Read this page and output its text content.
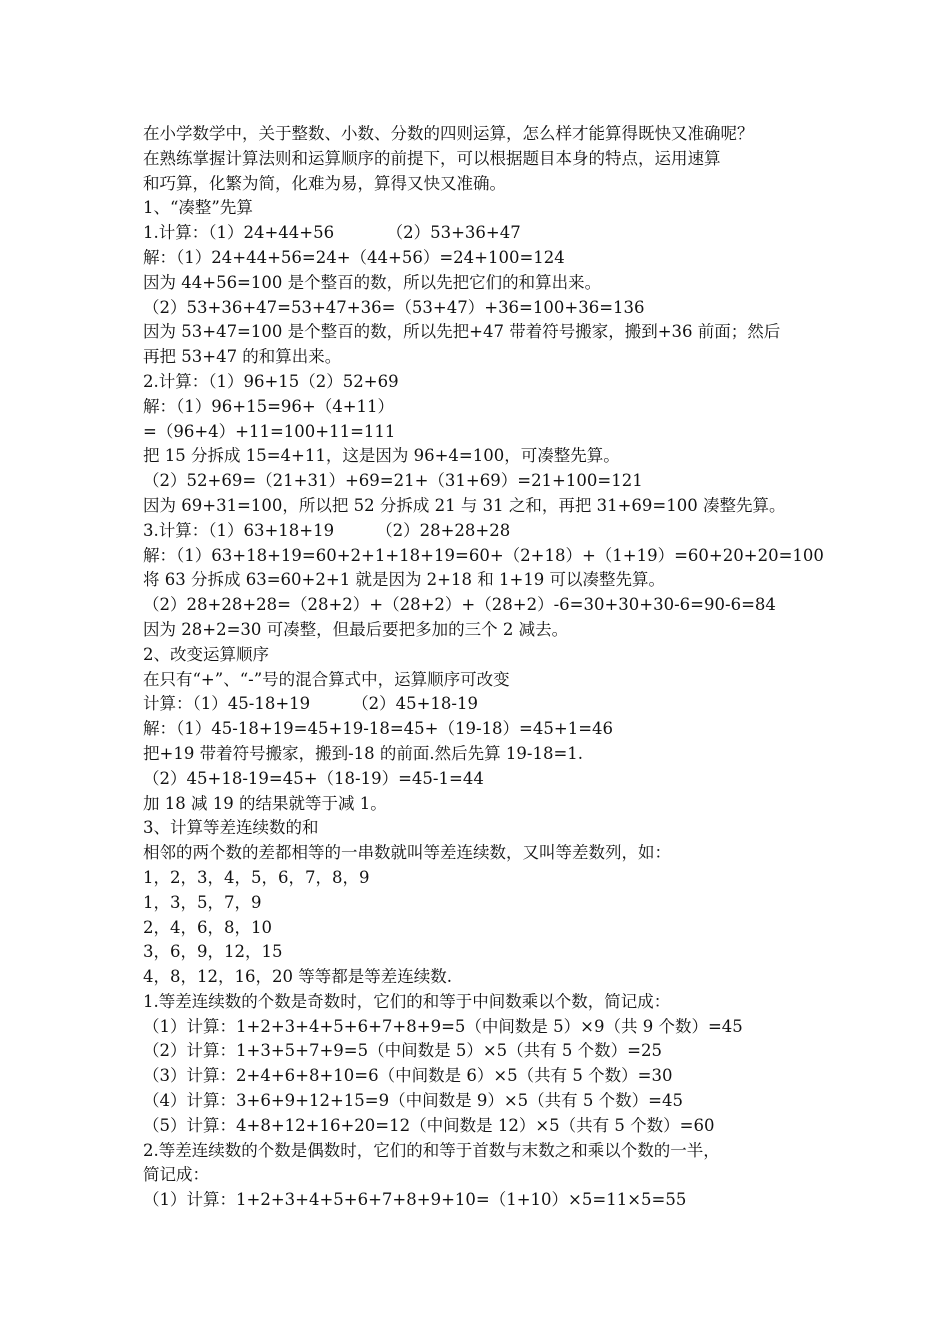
在小学数学中，关于整数、小数、分数的四则运算，怎么样才能算得既快又准确呢？
在熟练掌握计算法则和运算顺序的前提下，可以根据题目本身的特点，运用速算
和巧算，化繁为简，化难为易，算得又快又准确。
1、“凑整”先算
1.计算：（1）24+44+56          （2）53+36+47
解：（1）24+44+56=24+（44+56）=24+100=124
因为 44+56=100 是个整百的数，所以先把它们的和算出来。
（2）53+36+47=53+47+36=（53+47）+36=100+36=136
因为 53+47=100 是个整百的数，所以先把+47 带着符号搬家，搬到+36 前面；然后
再把 53+47 的和算出来。
2.计算：（1）96+15（2）52+69
解：（1）96+15=96+（4+11）
=（96+4）+11=100+11=111
把 15 分拆成 15=4+11，这是因为 96+4=100，可凑整先算。
（2）52+69=（21+31）+69=21+（31+69）=21+100=121
因为 69+31=100，所以把 52 分拆成 21 与 31 之和，再把 31+69=100 凑整先算。
3.计算：（1）63+18+19        （2）28+28+28
解：（1）63+18+19=60+2+1+18+19=60+（2+18）+（1+19）=60+20+20=100
将 63 分拆成 63=60+2+1 就是因为 2+18 和 1+19 可以凑整先算。
（2）28+28+28=（28+2）+（28+2）+（28+2）-6=30+30+30-6=90-6=84
因为 28+2=30 可凑整，但最后要把多加的三个 2 减去。
2、改变运算顺序
在只有“+”、“-”号的混合算式中，运算顺序可改变
计算：（1）45-18+19        （2）45+18-19
解：（1）45-18+19=45+19-18=45+（19-18）=45+1=46
把+19 带着符号搬家，搬到-18 的前面.然后先算 19-18=1.
（2）45+18-19=45+（18-19）=45-1=44
加 18 减 19 的结果就等于减 1。
3、计算等差连续数的和
相邻的两个数的差都相等的一串数就叫等差连续数，又叫等差数列，如：
1，2，3，4，5，6，7，8，9
1，3，5，7，9
2，4，6，8，10
3，6，9，12，15
4，8，12，16，20 等等都是等差连续数.
1.等差连续数的个数是奇数时，它们的和等于中间数乘以个数，简记成：
（1）计算：1+2+3+4+5+6+7+8+9=5（中间数是 5）×9（共 9 个数）=45
（2）计算：1+3+5+7+9=5（中间数是 5）×5（共有 5 个数）=25
（3）计算：2+4+6+8+10=6（中间数是 6）×5（共有 5 个数）=30
（4）计算：3+6+9+12+15=9（中间数是 9）×5（共有 5 个数）=45
（5）计算：4+8+12+16+20=12（中间数是 12）×5（共有 5 个数）=60
2.等差连续数的个数是偶数时，它们的和等于首数与末数之和乘以个数的一半，
简记成：
（1）计算：1+2+3+4+5+6+7+8+9+10=（1+10）×5=11×5=55
